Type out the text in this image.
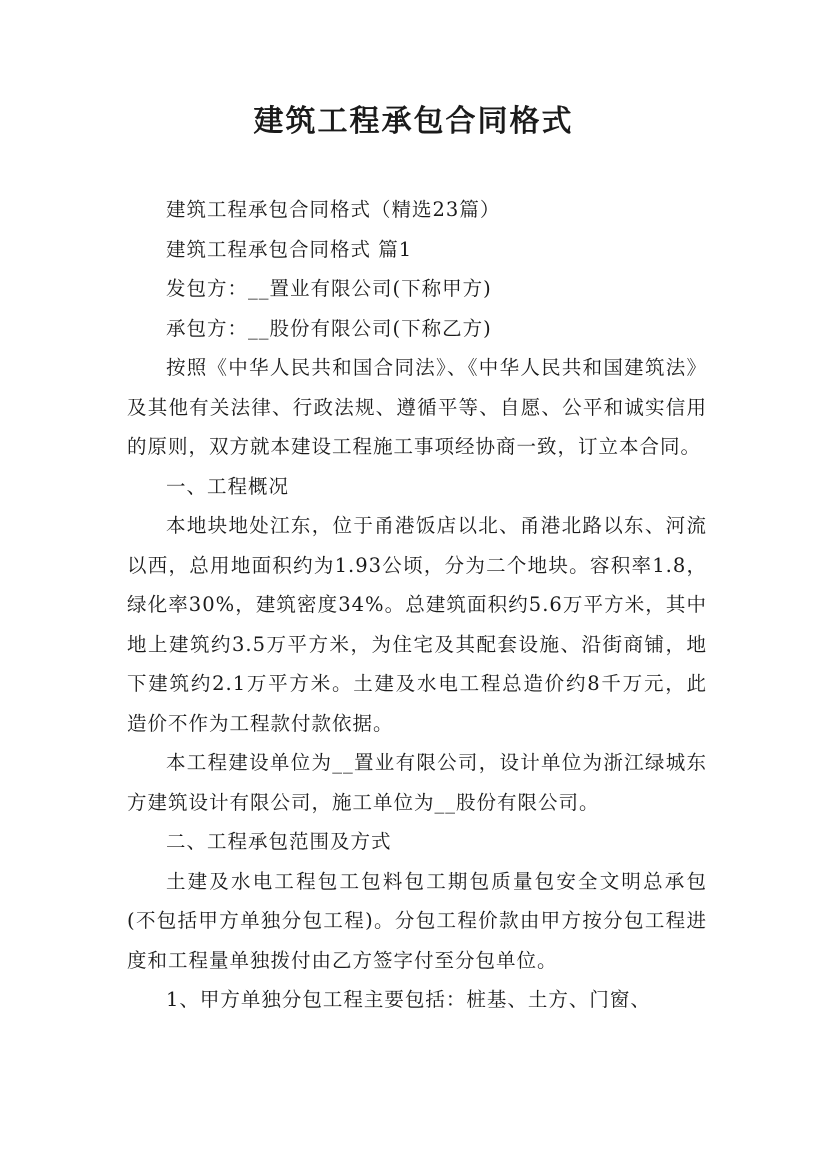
建筑工程承包合同格式

建筑工程承包合同格式（精选23篇）

建筑工程承包合同格式 篇1

发包方：__置业有限公司(下称甲方)

承包方：__股份有限公司(下称乙方)

按照《中华人民共和国合同法》、《中华人民共和国建筑法》及其他有关法律、行政法规、遵循平等、自愿、公平和诚实信用的原则，双方就本建设工程施工事项经协商一致，订立本合同。

一、工程概况

本地块地处江东，位于甬港饭店以北、甬港北路以东、河流以西，总用地面积约为1.93公顷，分为二个地块。容积率1.8，绿化率30%，建筑密度34%。总建筑面积约5.6万平方米，其中地上建筑约3.5万平方米，为住宅及其配套设施、沿街商铺，地下建筑约2.1万平方米。土建及水电工程总造价约8千万元，此造价不作为工程款付款依据。

本工程建设单位为__置业有限公司，设计单位为浙江绿城东方建筑设计有限公司，施工单位为__股份有限公司。

二、工程承包范围及方式

土建及水电工程包工包料包工期包质量包安全文明总承包(不包括甲方单独分包工程)。分包工程价款由甲方按分包工程进度和工程量单独拨付由乙方签字付至分包单位。

1、甲方单独分包工程主要包括：桩基、土方、门窗、
